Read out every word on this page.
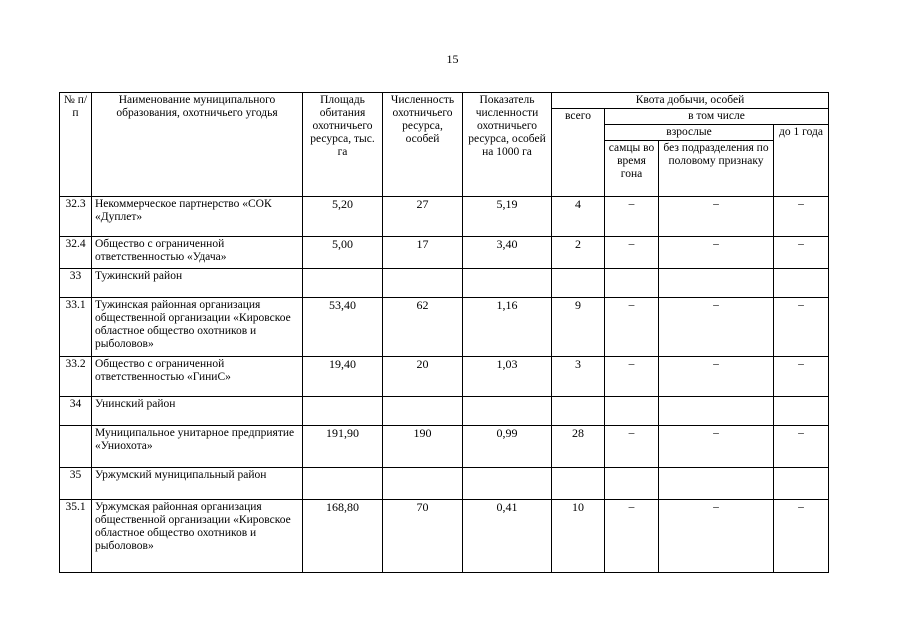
15
№ п/п	Наименование муниципального образования, охотничьего угодья	Площадь обитания охотничьего ресурса, тыс. га	Численность охотничьего ресурса, особей	Показатель численности охотничьего ресурса, особей на 1000 га	Квота добычи, особей			
					всего	в том числе		
						взрослые		до 1 года
						самцы во время гона	без подразделения по половому признаку	
32.3	Некоммерческое партнерство «СОК «Дуплет»	5,20	27	5,19	4	–	–	–
32.4	Общество с ограниченной ответственностью «Удача»	5,00	17	3,40	2	–	–	–
33	Тужинский район							
33.1	Тужинская районная организация общественной организации «Кировское областное общество охотников и рыболовов»	53,40	62	1,16	9	–	–	–
33.2	Общество с ограниченной ответственностью «ГиниС»	19,40	20	1,03	3	–	–	–
34	Унинский район							
	Муниципальное унитарное предприятие «Униохота»	191,90	190	0,99	28	–	–	–
35	Уржумский муниципальный район							
35.1	Уржумская районная организация общественной организации «Кировское областное общество охотников и рыболовов»	168,80	70	0,41	10	–	–	–
